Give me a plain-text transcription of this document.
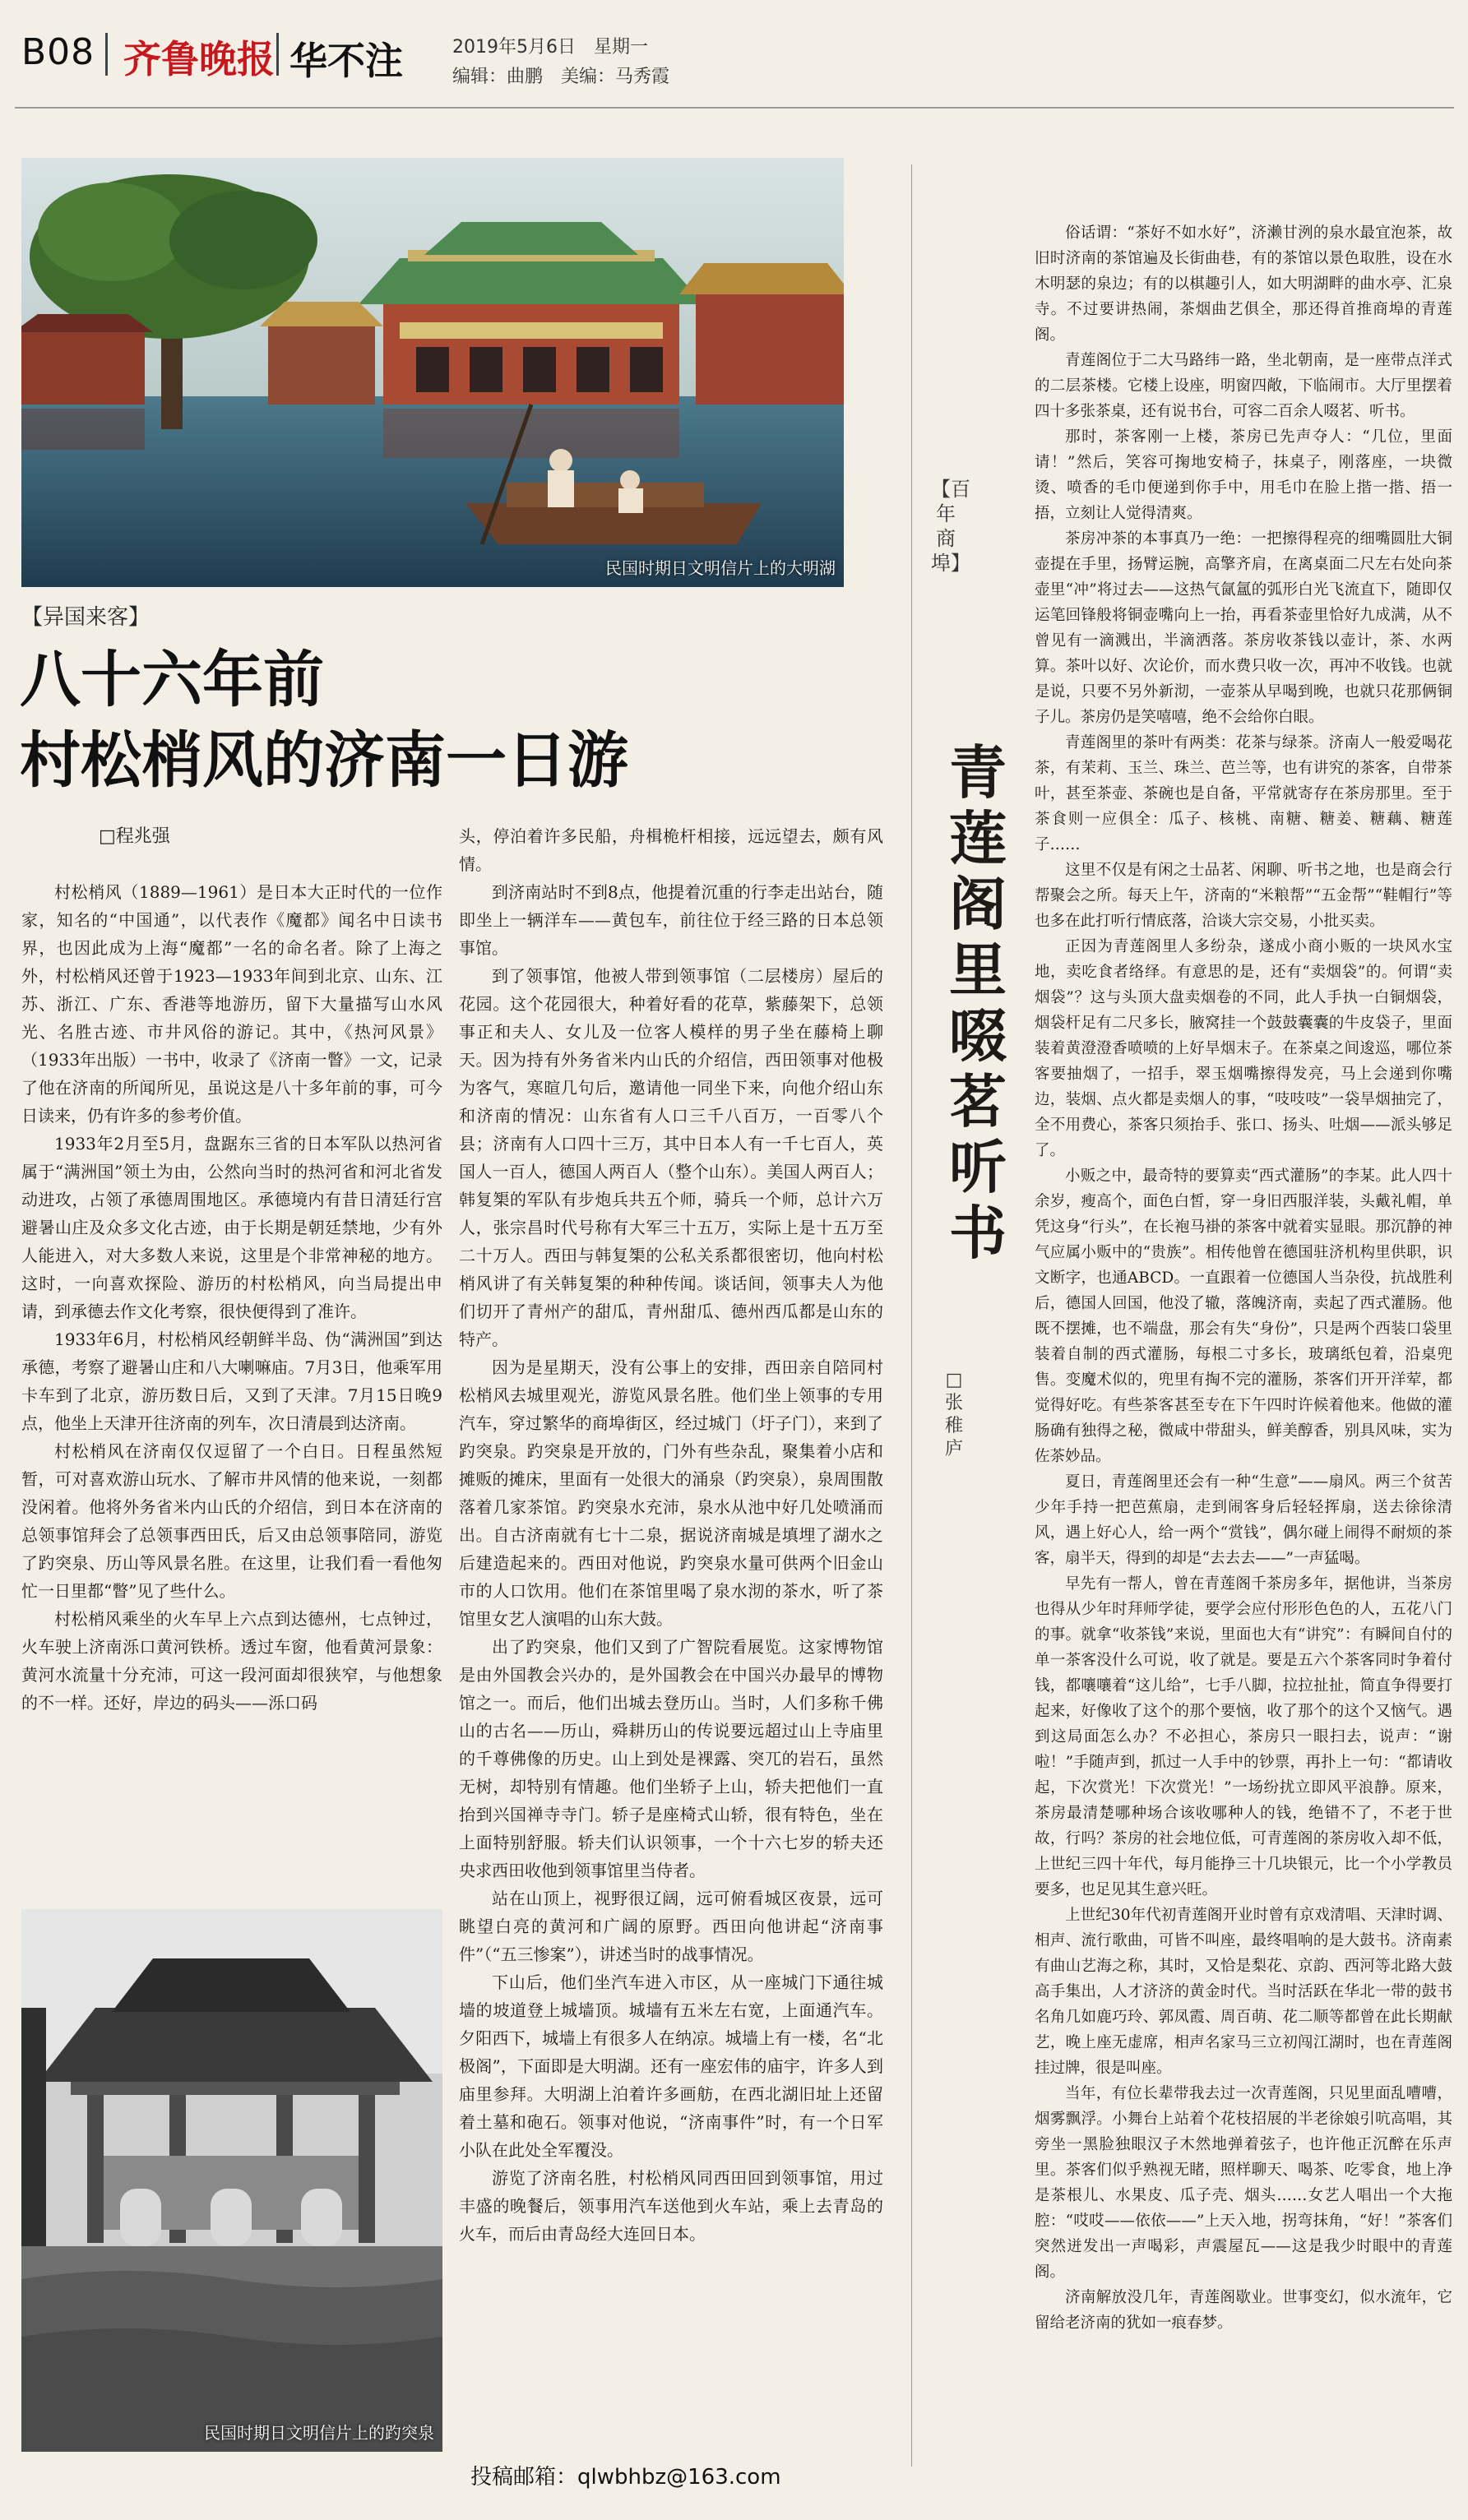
B08 齐鲁晚报 华不注	2019年5月6日　星期一
编辑：曲鹏　美编：马秀霞
民国时期日文明信片上的大明湖
【异国来客】
八十六年前
村松梢风的济南一日游
□程兆强

村松梢风（1889—1961）是日本大正时代的一位作家，知名的“中国通”，以代表作《魔都》闻名中日读书界，也因此成为上海“魔都”一名的命名者。除了上海之外，村松梢风还曾于1923—1933年间到北京、山东、江苏、浙江、广东、香港等地游历，留下大量描写山水风光、名胜古迹、市井风俗的游记。其中，《热河风景》（1933年出版）一书中，收录了《济南一瞥》一文，记录了他在济南的所闻所见，虽说这是八十多年前的事，可今日读来，仍有许多的参考价值。

1933年2月至5月，盘踞东三省的日本军队以热河省属于“满洲国”领土为由，公然向当时的热河省和河北省发动进攻，占领了承德周围地区。承德境内有昔日清廷行宫避暑山庄及众多文化古迹，由于长期是朝廷禁地，少有外人能进入，对大多数人来说，这里是个非常神秘的地方。这时，一向喜欢探险、游历的村松梢风，向当局提出申请，到承德去作文化考察，很快便得到了准许。

1933年6月，村松梢风经朝鲜半岛、伪“满洲国”到达承德，考察了避暑山庄和八大喇嘛庙。7月3日，他乘军用卡车到了北京，游历数日后，又到了天津。7月15日晚9点，他坐上天津开往济南的列车，次日清晨到达济南。

村松梢风在济南仅仅逗留了一个白日。日程虽然短暂，可对喜欢游山玩水、了解市井风情的他来说，一刻都没闲着。他将外务省米内山氏的介绍信，到日本在济南的总领事馆拜会了总领事西田氏，后又由总领事陪同，游览了趵突泉、历山等风景名胜。在这里，让我们看一看他匆忙一日里都“瞥”见了些什么。

村松梢风乘坐的火车早上六点到达德州，七点钟过，火车驶上济南泺口黄河铁桥。透过车窗，他看黄河景象：黄河水流量十分充沛，可这一段河面却很狭窄，与他想象的不一样。还好，岸边的码头——泺口码

民国时期日文明信片上的趵突泉

头，停泊着许多民船，舟楫桅杆相接，远远望去，颇有风情。

到济南站时不到8点，他提着沉重的行李走出站台，随即坐上一辆洋车——黄包车，前往位于经三路的日本总领事馆。

到了领事馆，他被人带到领事馆（二层楼房）屋后的花园。这个花园很大，种着好看的花草，紫藤架下，总领事正和夫人、女儿及一位客人模样的男子坐在藤椅上聊天。因为持有外务省米内山氏的介绍信，西田领事对他极为客气，寒暄几句后，邀请他一同坐下来，向他介绍山东和济南的情况：山东省有人口三千八百万，一百零八个县；济南有人口四十三万，其中日本人有一千七百人，英国人一百人，德国人两百人（整个山东）。美国人两百人；韩复榘的军队有步炮兵共五个师，骑兵一个师，总计六万人，张宗昌时代号称有大军三十五万，实际上是十五万至二十万人。西田与韩复榘的公私关系都很密切，他向村松梢风讲了有关韩复榘的种种传闻。谈话间，领事夫人为他们切开了青州产的甜瓜，青州甜瓜、德州西瓜都是山东的特产。

因为是星期天，没有公事上的安排，西田亲自陪同村松梢风去城里观光，游览风景名胜。他们坐上领事的专用汽车，穿过繁华的商埠街区，经过城门（圩子门），来到了趵突泉。趵突泉是开放的，门外有些杂乱，聚集着小店和摊贩的摊床，里面有一处很大的涌泉（趵突泉），泉周围散落着几家茶馆。趵突泉水充沛，泉水从池中好几处喷涌而出。自古济南就有七十二泉，据说济南城是填埋了湖水之后建造起来的。西田对他说，趵突泉水量可供两个旧金山市的人口饮用。他们在茶馆里喝了泉水沏的茶水，听了茶馆里女艺人演唱的山东大鼓。

出了趵突泉，他们又到了广智院看展览。这家博物馆是由外国教会兴办的，是外国教会在中国兴办最早的博物馆之一。而后，他们出城去登历山。当时，人们多称千佛山的古名——历山，舜耕历山的传说要远超过山上寺庙里的千尊佛像的历史。山上到处是裸露、突兀的岩石，虽然无树，却特别有情趣。他们坐轿子上山，轿夫把他们一直抬到兴国禅寺寺门。轿子是座椅式山轿，很有特色，坐在上面特别舒服。轿夫们认识领事，一个十六七岁的轿夫还央求西田收他到领事馆里当侍者。

站在山顶上，视野很辽阔，远可俯看城区夜景，远可眺望白亮的黄河和广阔的原野。西田向他讲起“济南事件”（“五三惨案”），讲述当时的战事情况。

下山后，他们坐汽车进入市区，从一座城门下通往城墙的坡道登上城墙顶。城墙有五米左右宽，上面通汽车。夕阳西下，城墙上有很多人在纳凉。城墙上有一楼，名“北极阁”，下面即是大明湖。还有一座宏伟的庙宇，许多人到庙里参拜。大明湖上泊着许多画舫，在西北湖旧址上还留着土墓和砲石。领事对他说，“济南事件”时，有一个日军小队在此处全军覆没。

游览了济南名胜，村松梢风同西田回到领事馆，用过丰盛的晚餐后，领事用汽车送他到火车站，乘上去青岛的火车，而后由青岛经大连回日本。

投稿邮箱：qlwbhbz@163.com
【百年商埠】
青莲阁里啜茗听书
□张稚庐

俗话谓：“茶好不如水好”，济濑甘洌的泉水最宜泡茶，故旧时济南的茶馆遍及长街曲巷，有的茶馆以景色取胜，设在水木明瑟的泉边；有的以棋趣引人，如大明湖畔的曲水亭、汇泉寺。不过要讲热闹，茶烟曲艺俱全，那还得首推商埠的青莲阁。

青莲阁位于二大马路纬一路，坐北朝南，是一座带点洋式的二层茶楼。它楼上设座，明窗四敞，下临闹市。大厅里摆着四十多张茶桌，还有说书台，可容二百余人啜茗、听书。

那时，茶客刚一上楼，茶房已先声夺人：“几位，里面请！”然后，笑容可掬地安椅子，抹桌子，刚落座，一块微烫、喷香的毛巾便递到你手中，用毛巾在脸上揩一揩、捂一捂，立刻让人觉得清爽。

茶房冲茶的本事真乃一绝：一把擦得程亮的细嘴圆肚大铜壶提在手里，扬臂运腕，高擎齐肩，在离桌面二尺左右处向茶壶里“冲”将过去——这热气氤氲的弧形白光飞流直下，随即仅运笔回锋般将铜壶嘴向上一抬，再看茶壶里恰好九成满，从不曾见有一滴溅出，半滴洒落。茶房收茶钱以壶计，茶、水两算。茶叶以好、次论价，而水费只收一次，再冲不收钱。也就是说，只要不另外新沏，一壶茶从早喝到晚，也就只花那俩铜子儿。茶房仍是笑嘻嘻，绝不会给你白眼。

青莲阁里的茶叶有两类：花茶与绿茶。济南人一般爱喝花茶，有茉莉、玉兰、珠兰、芭兰等，也有讲究的茶客，自带茶叶，甚至茶壶、茶碗也是自备，平常就寄存在茶房那里。至于茶食则一应俱全：瓜子、核桃、南糖、糖姜、糖藕、糖莲子……

这里不仅是有闲之士品茗、闲聊、听书之地，也是商会行帮聚会之所。每天上午，济南的“米粮帮”“五金帮”“鞋帽行”等也多在此打听行情底落，洽谈大宗交易，小批买卖。

正因为青莲阁里人多纷杂，遂成小商小贩的一块风水宝地，卖吃食者络绎。有意思的是，还有“卖烟袋”的。何谓“卖烟袋”？这与头顶大盘卖烟卷的不同，此人手执一白铜烟袋，烟袋杆足有二尺多长，腋窝挂一个鼓鼓囊囊的牛皮袋子，里面装着黄澄澄香喷喷的上好旱烟末子。在茶桌之间逡巡，哪位茶客要抽烟了，一招手，翠玉烟嘴擦得发亮，马上会递到你嘴边，装烟、点火都是卖烟人的事，“吱吱吱”一袋旱烟抽完了，全不用费心，茶客只须抬手、张口、扬头、吐烟——派头够足了。

小贩之中，最奇特的要算卖“西式灌肠”的李某。此人四十余岁，瘦高个，面色白皙，穿一身旧西服洋装，头戴礼帽，单凭这身“行头”，在长袍马褂的茶客中就着实显眼。那沉静的神气应属小贩中的“贵族”。相传他曾在德国驻济机构里供职，识文断字，也通ABCD。一直跟着一位德国人当杂役，抗战胜利后，德国人回国，他没了辙，落魄济南，卖起了西式灌肠。他既不摆摊，也不端盘，那会有失“身份”，只是两个西装口袋里装着自制的西式灌肠，每根二寸多长，玻璃纸包着，沿桌兜售。变魔术似的，兜里有掏不完的灌肠，茶客们开开洋荤，都觉得好吃。有些茶客甚至专在下午四时许候着他来。他做的灌肠确有独得之秘，微咸中带甜头，鲜美醇香，别具风味，实为佐茶妙品。

夏日，青莲阁里还会有一种“生意”——扇风。两三个贫苦少年手持一把芭蕉扇，走到闹客身后轻轻挥扇，送去徐徐清风，遇上好心人，给一两个“赏钱”，偶尔碰上闹得不耐烦的茶客，扇半天，得到的却是“去去去——”一声猛喝。

早先有一帮人，曾在青莲阁千茶房多年，据他讲，当茶房也得从少年时拜师学徒，要学会应付形形色色的人，五花八门的事。就拿“收茶钱”来说，里面也大有“讲究”：有瞬间自付的单一茶客没什么可说，收了就是。要是五六个茶客同时争着付钱，都嚷嚷着“这儿给”，七手八脚，拉拉扯扯，简直争得要打起来，好像收了这个的那个要恼，收了那个的这个又恼气。遇到这局面怎么办？不必担心，茶房只一眼扫去，说声：“谢啦！”手随声到，抓过一人手中的钞票，再扑上一句：“都请收起，下次赏光！下次赏光！”一场纷扰立即风平浪静。原来，茶房最清楚哪种场合该收哪种人的钱，绝错不了，不老于世故，行吗？茶房的社会地位低，可青莲阁的茶房收入却不低，上世纪三四十年代，每月能挣三十几块银元，比一个小学教员要多，也足见其生意兴旺。

上世纪30年代初青莲阁开业时曾有京戏清唱、天津时调、相声、流行歌曲，可皆不叫座，最终唱响的是大鼓书。济南素有曲山艺海之称，其时，又恰是梨花、京韵、西河等北路大鼓高手集出，人才济济的黄金时代。当时活跃在华北一带的鼓书名角几如鹿巧玲、郭凤霞、周百萌、花二顺等都曾在此长期献艺，晚上座无虚席，相声名家马三立初闯江湖时，也在青莲阁挂过牌，很是叫座。

当年，有位长辈带我去过一次青莲阁，只见里面乱嘈嘈，烟雾飘浮。小舞台上站着个花枝招展的半老徐娘引吭高唱，其旁坐一黑脸独眼汉子木然地弹着弦子，也许他正沉醉在乐声里。茶客们似乎熟视无睹，照样聊天、喝茶、吃零食，地上净是茶根儿、水果皮、瓜子壳、烟头……女艺人唱出一个大拖腔：“哎哎——依依——”上天入地，拐弯抹角，“好！”茶客们突然迸发出一声喝彩，声震屋瓦——这是我少时眼中的青莲阁。

济南解放没几年，青莲阁歇业。世事变幻，似水流年，它留给老济南的犹如一痕春梦。
